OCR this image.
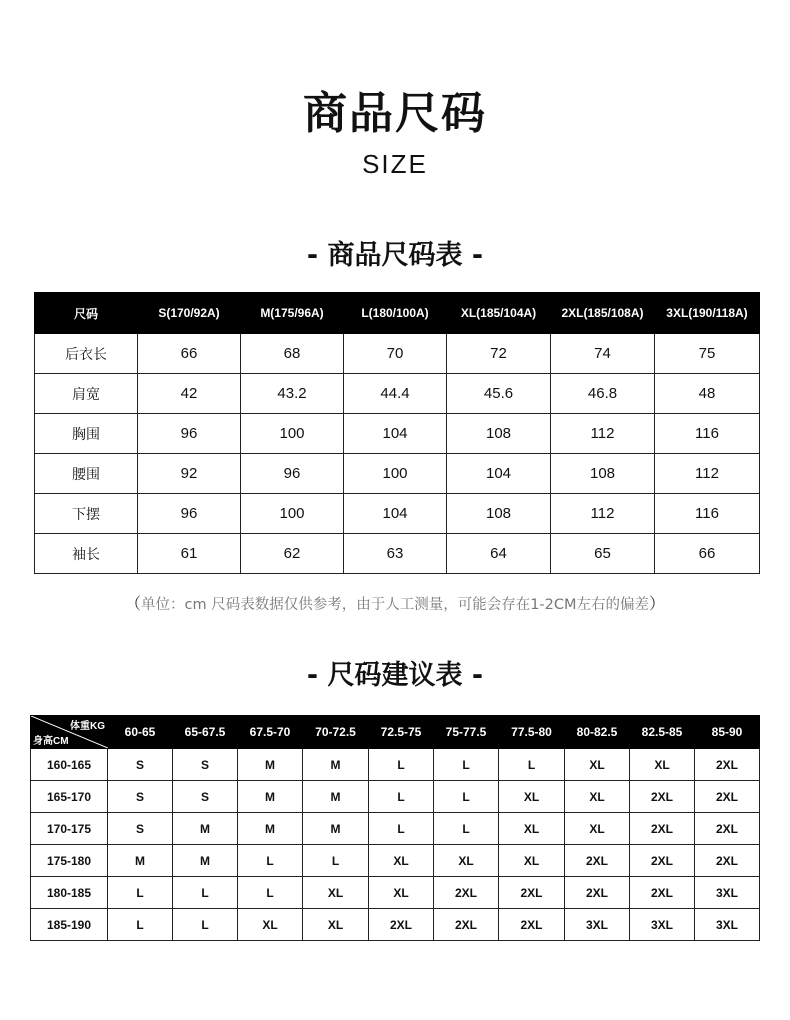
商品尺码
SIZE
- 商品尺码表 -
尺码	S(170/92A)	M(175/96A)	L(180/100A)	XL(185/104A)	2XL(185/108A)	3XL(190/118A)
后衣长	66	68	70	72	74	75
肩宽	42	43.2	44.4	45.6	46.8	48
胸围	96	100	104	108	112	116
腰围	92	96	100	104	108	112
下摆	96	100	104	108	112	116
袖长	61	62	63	64	65	66
（单位：cm 尺码表数据仅供参考，由于人工测量，可能会存在1-2CM左右的偏差）
- 尺码建议表 -
体重KG
身高CM	60-65	65-67.5	67.5-70	70-72.5	72.5-75	75-77.5	77.5-80	80-82.5	82.5-85	85-90
160-165	S	S	M	M	L	L	L	XL	XL	2XL
165-170	S	S	M	M	L	L	XL	XL	2XL	2XL
170-175	S	M	M	M	L	L	XL	XL	2XL	2XL
175-180	M	M	L	L	XL	XL	XL	2XL	2XL	2XL
180-185	L	L	L	XL	XL	2XL	2XL	2XL	2XL	3XL
185-190	L	L	XL	XL	2XL	2XL	2XL	3XL	3XL	3XL
